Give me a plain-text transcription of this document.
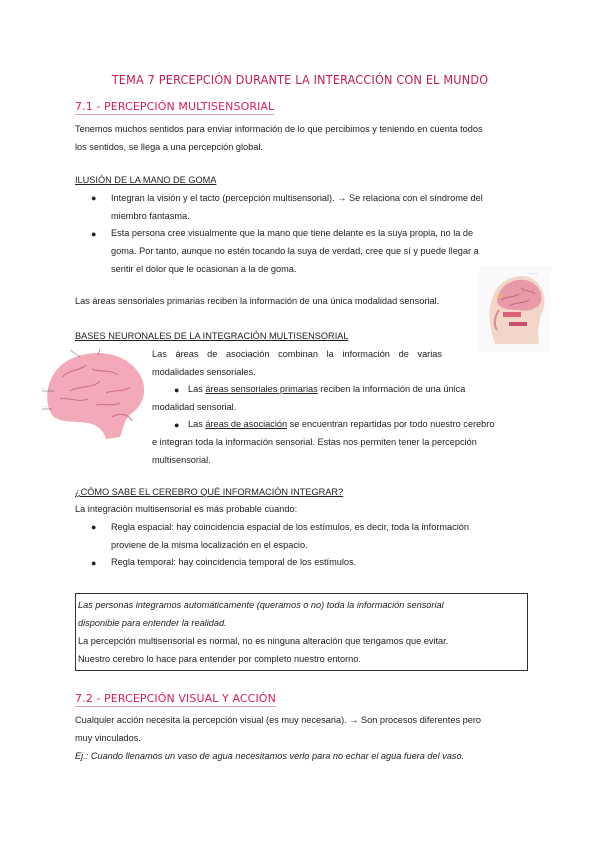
TEMA 7 PERCEPCIÓN DURANTE LA INTERACCIÓN CON EL MUNDO
7.1 - PERCEPCIÓN MULTISENSORIAL
Tenemos muchos sentidos para enviar información de lo que percibimos y teniendo en cuenta todos
los sentidos, se llega a una percepción global.
ILUSIÓN DE LA MANO DE GOMA
● Integran la visión y el tacto (percepción multisensorial). → Se relaciona con el síndrome del
miembro fantasma.
● Esta persona cree visualmente que la mano que tiene delante es la suya propia, no la de
goma. Por tanto, aunque no estén tocando la suya de verdad, cree que sí y puede llegar a
sentir el dolor que le ocasionan a la de goma.
Las áreas sensoriales primarias reciben la información de una única modalidad sensorial.
- - - -
BASES NEURONALES DE LA INTEGRACIÓN MULTISENSORIAL
- - - -
- - - -
Las áreas de asociación combinan la información de varias
modalidades sensoriales.
● Las áreas sensoriales primarias reciben la información de una única
modalidad sensorial.
● Las áreas de asociación se encuentran repartidas por todo nuestro cerebro
e integran toda la información sensorial. Estas nos permiten tener la percepción
multisensorial.
¿CÓMO SABE EL CEREBRO QUÉ INFORMACIÓN INTEGRAR?
La integración multisensorial es más probable cuando:
● Regla espacial: hay coincidencia espacial de los estímulos, es decir, toda la información
proviene de la misma localización en el espacio.
● Regla temporal: hay coincidencia temporal de los estímulos.
Las personas integramos automáticamente (queramos o no) toda la información sensorial
disponible para entender la realidad.
La percepción multisensorial es normal, no es ninguna alteración que tengamos que evitar.
Nuestro cerebro lo hace para entender por completo nuestro entorno.
7.2 - PERCEPCIÓN VISUAL Y ACCIÓN
Cualquier acción necesita la percepción visual (es muy necesaria). → Son procesos diferentes pero
muy vinculados.
Ej.: Cuando llenamos un vaso de agua necesitamos verlo para no echar el agua fuera del vaso.
